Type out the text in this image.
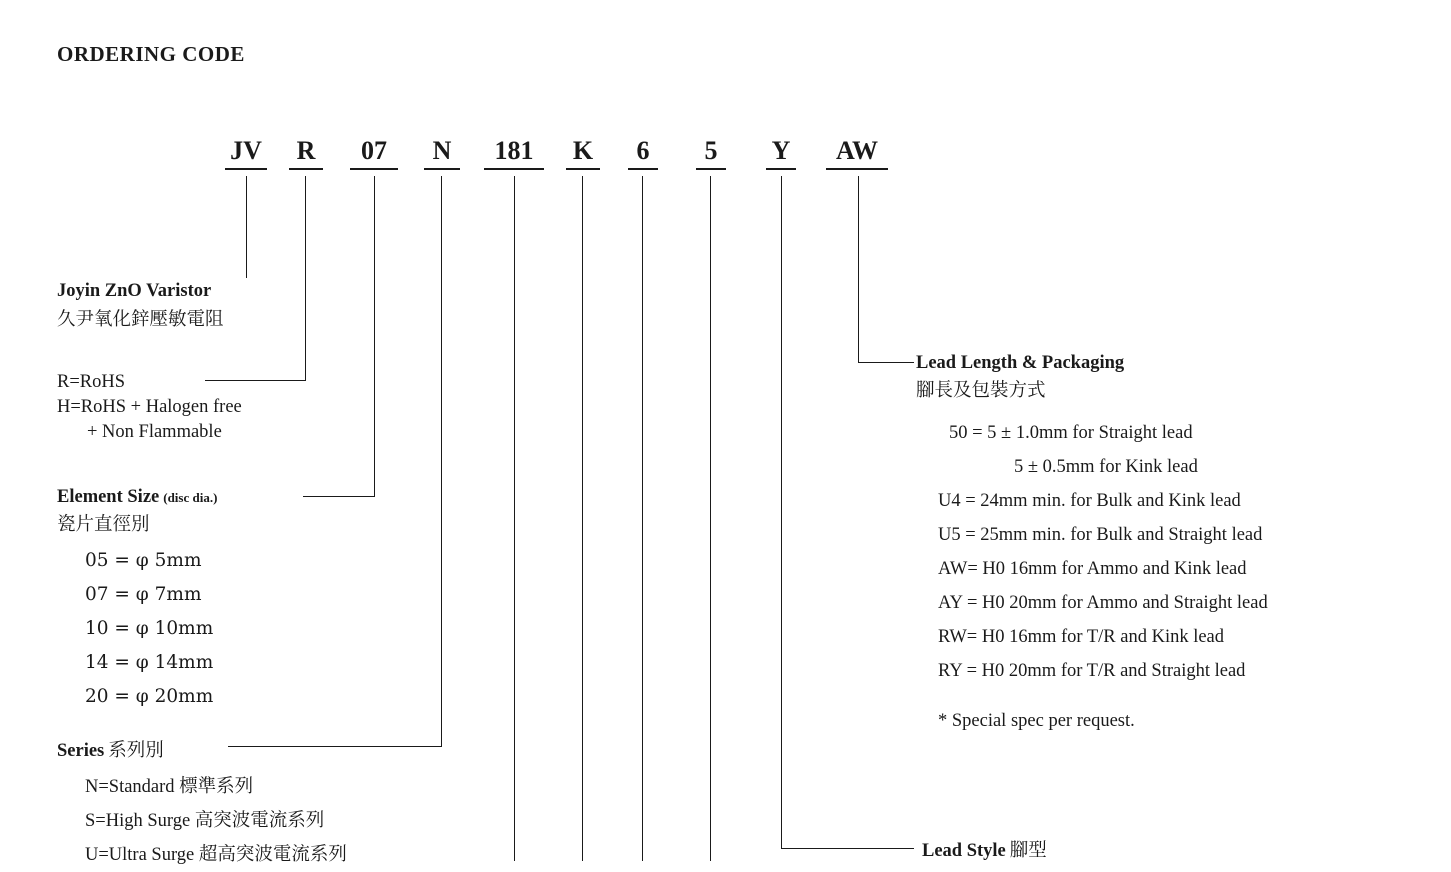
ORDERING CODE
JV R	07	N	181	K	6	5	Y	AW
Joyin ZnO Varistor
久尹氧化鋅壓敏電阻
R=RoHS
H=RoHS + Halogen free
+ Non Flammable
Element Size (disc dia.)
瓷片直徑別
05 = φ 5mm
07 = φ 7mm
10 = φ 10mm
14 = φ 14mm
20 = φ 20mm
Series 系列別
N=Standard 標準系列
S=High Surge 高突波電流系列
U=Ultra Surge 超高突波電流系列
Lead Length & Packaging
腳長及包裝方式
50 = 5 ± 1.0mm for Straight lead
5 ± 0.5mm for Kink lead
U4 = 24mm min. for Bulk and Kink lead
U5 = 25mm min. for Bulk and Straight lead
AW= H0 16mm for Ammo and Kink lead
AY = H0 20mm for Ammo and Straight lead
RW= H0 16mm for T/R and Kink lead
RY = H0 20mm for T/R and Straight lead
* Special spec per request.
Lead Style 腳型
